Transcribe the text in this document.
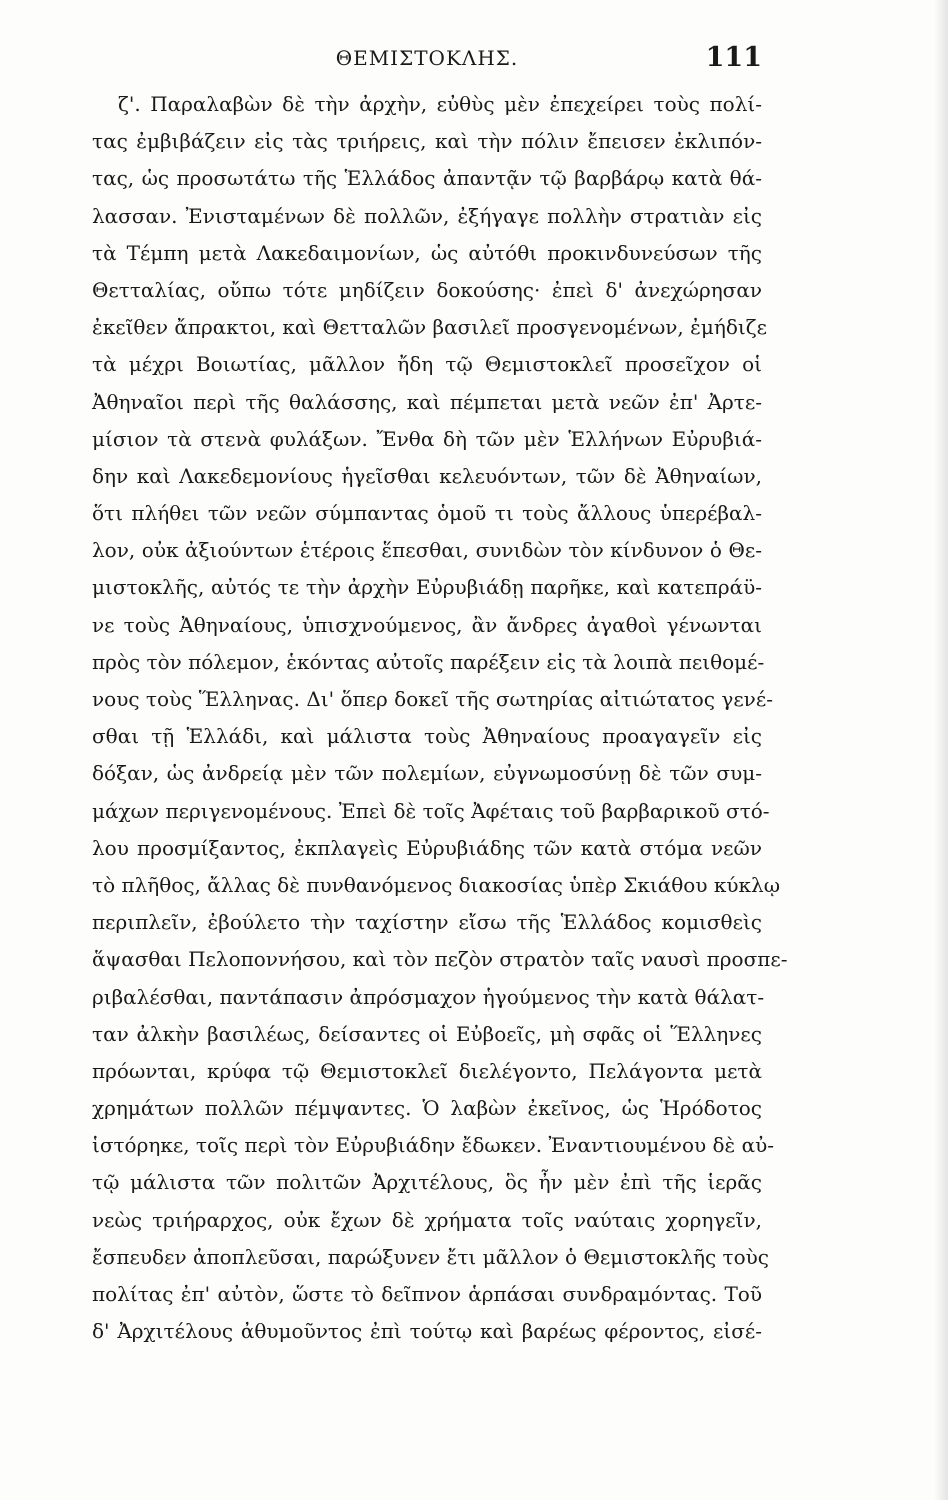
ΘΕΜΙΣΤΟΚΛΗΣ.	111
ζ'. Παραλαβὼν δὲ τὴν ἀρχὴν, εὐθὺς μὲν ἐπεχείρει τοὺς πολί-
τας ἐμβιβάζειν εἰς τὰς τριήρεις, καὶ τὴν πόλιν ἔπεισεν ἐκλιπόν-
τας, ὡς προσωτάτω τῆς Ἑλλάδος ἀπαντᾷν τῷ βαρβάρῳ κατὰ θά-
λασσαν. Ἐνισταμένων δὲ πολλῶν, ἐξήγαγε πολλὴν στρατιὰν εἰς
τὰ Τέμπη μετὰ Λακεδαιμονίων, ὡς αὐτόθι προκινδυνεύσων τῆς
Θετταλίας, οὔπω τότε μηδίζειν δοκούσης· ἐπεὶ δ' ἀνεχώρησαν
ἐκεῖθεν ἄπρακτοι, καὶ Θετταλῶν βασιλεῖ προσγενομένων, ἐμήδιζε
τὰ μέχρι Βοιωτίας, μᾶλλον ἤδη τῷ Θεμιστοκλεῖ προσεῖχον οἱ
Ἀθηναῖοι περὶ τῆς θαλάσσης, καὶ πέμπεται μετὰ νεῶν ἐπ' Ἀρτε-
μίσιον τὰ στενὰ φυλάξων. Ἔνθα δὴ τῶν μὲν Ἑλλήνων Εὐρυβιά-
δην καὶ Λακεδεμονίους ἡγεῖσθαι κελευόντων, τῶν δὲ Ἀθηναίων,
ὅτι πλήθει τῶν νεῶν σύμπαντας ὁμοῦ τι τοὺς ἄλλους ὑπερέβαλ-
λον, οὐκ ἀξιούντων ἑτέροις ἕπεσθαι, συνιδὼν τὸν κίνδυνον ὁ Θε-
μιστοκλῆς, αὐτός τε τὴν ἀρχὴν Εὐρυβιάδῃ παρῆκε, καὶ κατεπράϋ-
νε τοὺς Ἀθηναίους, ὑπισχνούμενος, ἂν ἄνδρες ἀγαθοὶ γένωνται
πρὸς τὸν πόλεμον, ἑκόντας αὐτοῖς παρέξειν εἰς τὰ λοιπὰ πειθομέ-
νους τοὺς Ἕλληνας. Δι' ὅπερ δοκεῖ τῆς σωτηρίας αἰτιώτατος γενέ-
σθαι τῇ Ἑλλάδι, καὶ μάλιστα τοὺς Ἀθηναίους προαγαγεῖν εἰς
δόξαν, ὡς ἀνδρείᾳ μὲν τῶν πολεμίων, εὐγνωμοσύνῃ δὲ τῶν συμ-
μάχων περιγενομένους. Ἐπεὶ δὲ τοῖς Ἀφέταις τοῦ βαρβαρικοῦ στό-
λου προσμίξαντος, ἐκπλαγεὶς Εὐρυβιάδης τῶν κατὰ στόμα νεῶν
τὸ πλῆθος, ἄλλας δὲ πυνθανόμενος διακοσίας ὑπὲρ Σκιάθου κύκλῳ
περιπλεῖν, ἐβούλετο τὴν ταχίστην εἴσω τῆς Ἑλλάδος κομισθεὶς
ἅψασθαι Πελοποννήσου, καὶ τὸν πεζὸν στρατὸν ταῖς ναυσὶ προσπε-
ριβαλέσθαι, παντάπασιν ἀπρόσμαχον ἡγούμενος τὴν κατὰ θάλατ-
ταν ἀλκὴν βασιλέως, δείσαντες οἱ Εὐβοεῖς, μὴ σφᾶς οἱ Ἕλληνες
πρόωνται, κρύφα τῷ Θεμιστοκλεῖ διελέγοντο, Πελάγοντα μετὰ
χρημάτων πολλῶν πέμψαντες. Ὁ λαβὼν ἐκεῖνος, ὡς Ἡρόδοτος
ἱστόρηκε, τοῖς περὶ τὸν Εὐρυβιάδην ἔδωκεν. Ἐναντιουμένου δὲ αὐ-
τῷ μάλιστα τῶν πολιτῶν Ἀρχιτέλους, ὃς ἦν μὲν ἐπὶ τῆς ἱερᾶς
νεὼς τριήραρχος, οὐκ ἔχων δὲ χρήματα τοῖς ναύταις χορηγεῖν,
ἔσπευδεν ἀποπλεῦσαι, παρώξυνεν ἔτι μᾶλλον ὁ Θεμιστοκλῆς τοὺς
πολίτας ἐπ' αὐτὸν, ὥστε τὸ δεῖπνον ἁρπάσαι συνδραμόντας. Τοῦ
δ' Ἀρχιτέλους ἀθυμοῦντος ἐπὶ τούτῳ καὶ βαρέως φέροντος, εἰσέ-
